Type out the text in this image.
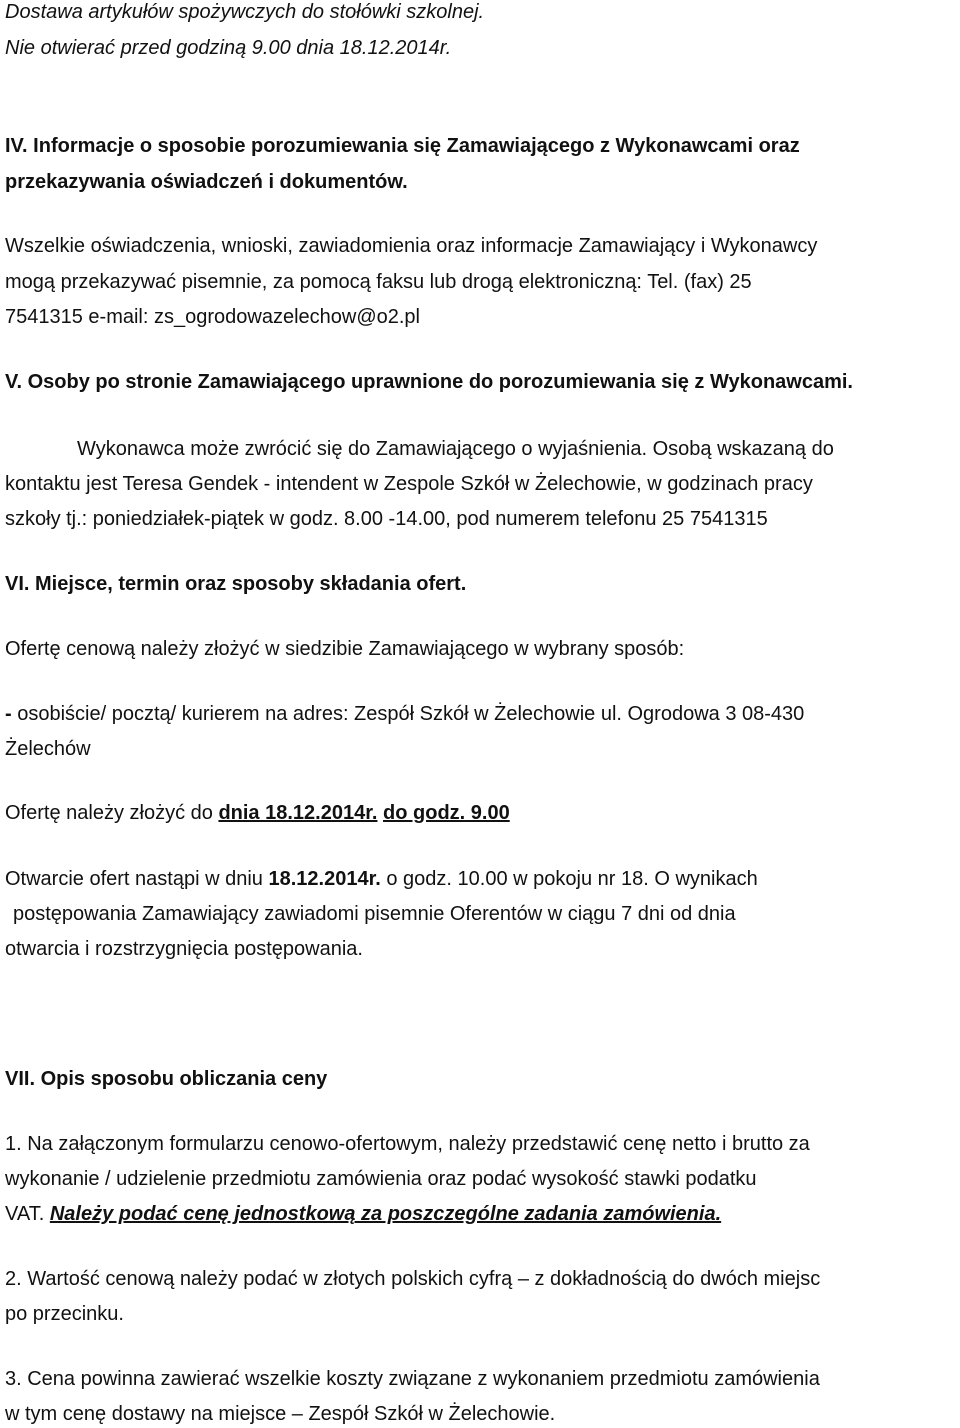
Dostawa artykułów spożywczych do stołówki szkolnej.
Nie otwierać przed godziną 9.00 dnia 18.12.2014r.
IV. Informacje o sposobie porozumiewania się Zamawiającego z Wykonawcami oraz
przekazywania oświadczeń i dokumentów.
Wszelkie oświadczenia, wnioski, zawiadomienia oraz informacje Zamawiający i Wykonawcy
mogą przekazywać pisemnie, za pomocą faksu lub drogą elektroniczną: Tel. (fax) 25
7541315 e-mail: zs_ogrodowazelechow@o2.pl
V. Osoby po stronie Zamawiającego uprawnione do porozumiewania się z Wykonawcami.
Wykonawca może zwrócić się do Zamawiającego o wyjaśnienia. Osobą wskazaną do
kontaktu jest Teresa Gendek - intendent w Zespole Szkół w Żelechowie, w godzinach pracy
szkoły tj.: poniedziałek-piątek w godz. 8.00 -14.00, pod numerem telefonu 25 7541315
VI. Miejsce, termin oraz sposoby składania ofert.
Ofertę cenową należy złożyć w siedzibie Zamawiającego w wybrany sposób:
- osobiście/ pocztą/ kurierem na adres: Zespół Szkół w Żelechowie ul. Ogrodowa 3 08-430
Żelechów
Ofertę należy złożyć do dnia 18.12.2014r. do godz. 9.00
Otwarcie ofert nastąpi w dniu 18.12.2014r. o godz. 10.00 w pokoju nr 18. O wynikach
postępowania Zamawiający zawiadomi pisemnie Oferentów w ciągu 7 dni od dnia
otwarcia i rozstrzygnięcia postępowania.
VII. Opis sposobu obliczania ceny
1. Na załączonym formularzu cenowo-ofertowym, należy przedstawić cenę netto i brutto za
wykonanie / udzielenie przedmiotu zamówienia oraz podać wysokość stawki podatku
VAT. Należy podać cenę jednostkową za poszczególne zadania zamówienia.
2. Wartość cenową należy podać w złotych polskich cyfrą – z dokładnością do dwóch miejsc
po przecinku.
3. Cena powinna zawierać wszelkie koszty związane z wykonaniem przedmiotu zamówienia
w tym cenę dostawy na miejsce – Zespół Szkół w Żelechowie.
